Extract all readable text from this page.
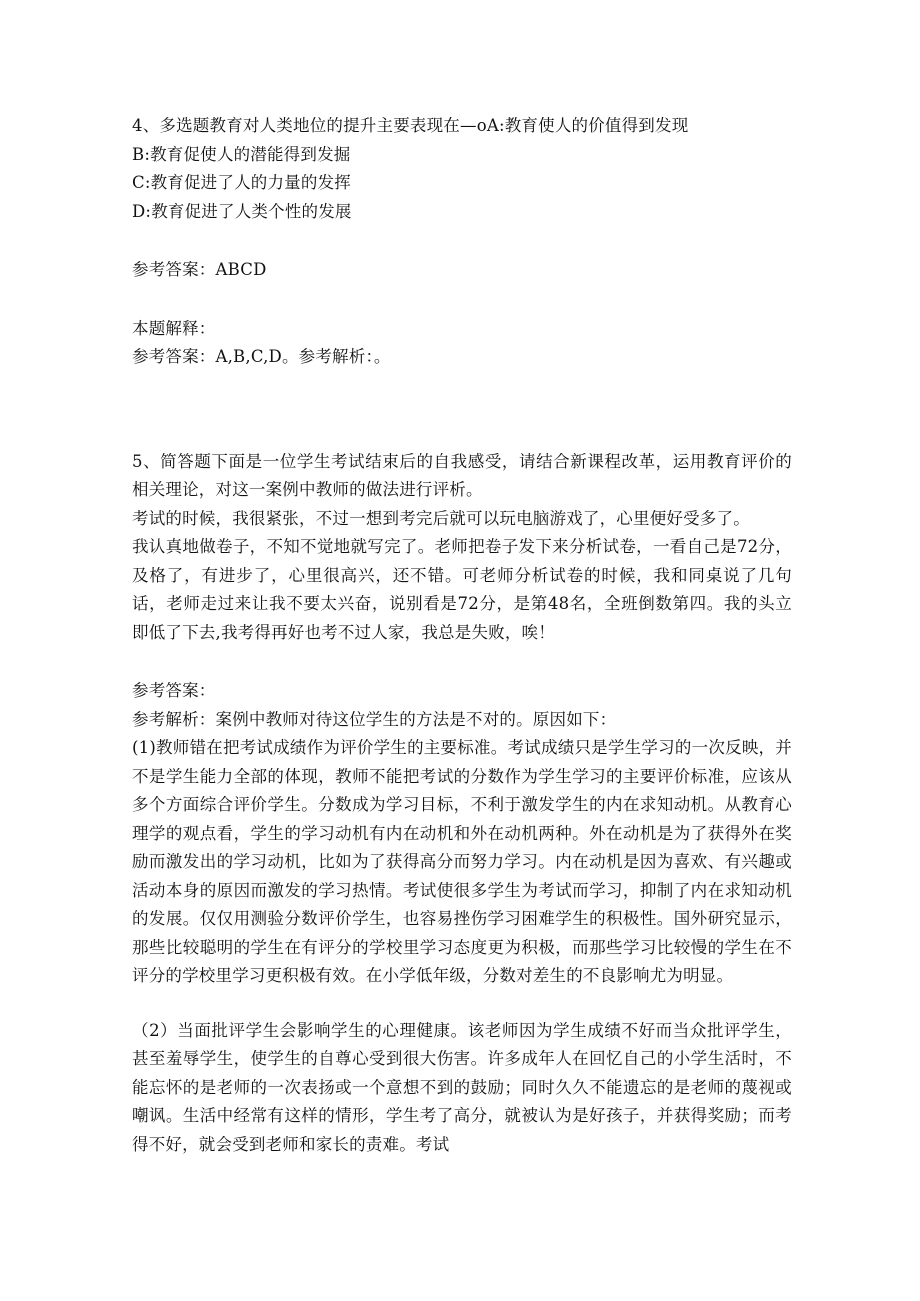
4、多选题教育对人类地位的提升主要表现在—oA:教育使人的价值得到发现
B:教育促使人的潜能得到发掘
C:教育促进了人的力量的发挥
D:教育促进了人类个性的发展
参考答案：ABCD
本题解释：
参考答案：A,B,C,D。参考解析：。
5、简答题下面是一位学生考试结束后的自我感受，请结合新课程改革，运用教育评价的相关理论，对这一案例中教师的做法进行评析。
考试的时候，我很紧张，不过一想到考完后就可以玩电脑游戏了，心里便好受多了。
我认真地做卷子，不知不觉地就写完了。老师把卷子发下来分析试卷，一看自己是72分，及格了，有进步了，心里很高兴，还不错。可老师分析试卷的时候，我和同桌说了几句话，老师走过来让我不要太兴奋，说别看是72分，是第48名，全班倒数第四。我的头立即低了下去,我考得再好也考不过人家，我总是失败，唉！
参考答案：
参考解析：案例中教师对待这位学生的方法是不对的。原因如下：
(1)教师错在把考试成绩作为评价学生的主要标准。考试成绩只是学生学习的一次反映，并不是学生能力全部的体现，教师不能把考试的分数作为学生学习的主要评价标准，应该从多个方面综合评价学生。分数成为学习目标，不利于激发学生的内在求知动机。从教育心理学的观点看，学生的学习动机有内在动机和外在动机两种。外在动机是为了获得外在奖励而激发出的学习动机，比如为了获得高分而努力学习。内在动机是因为喜欢、有兴趣或活动本身的原因而激发的学习热情。考试使很多学生为考试而学习，抑制了内在求知动机的发展。仅仅用测验分数评价学生，也容易挫伤学习困难学生的积极性。国外研究显示，那些比较聪明的学生在有评分的学校里学习态度更为积极，而那些学习比较慢的学生在不评分的学校里学习更积极有效。在小学低年级，分数对差生的不良影响尤为明显。
（2）当面批评学生会影响学生的心理健康。该老师因为学生成绩不好而当众批评学生，甚至羞辱学生，使学生的自尊心受到很大伤害。许多成年人在回忆自己的小学生活时，不能忘怀的是老师的一次表扬或一个意想不到的鼓励；同时久久不能遗忘的是老师的蔑视或嘲讽。生活中经常有这样的情形，学生考了高分，就被认为是好孩子，并获得奖励；而考得不好，就会受到老师和家长的责难。考试
